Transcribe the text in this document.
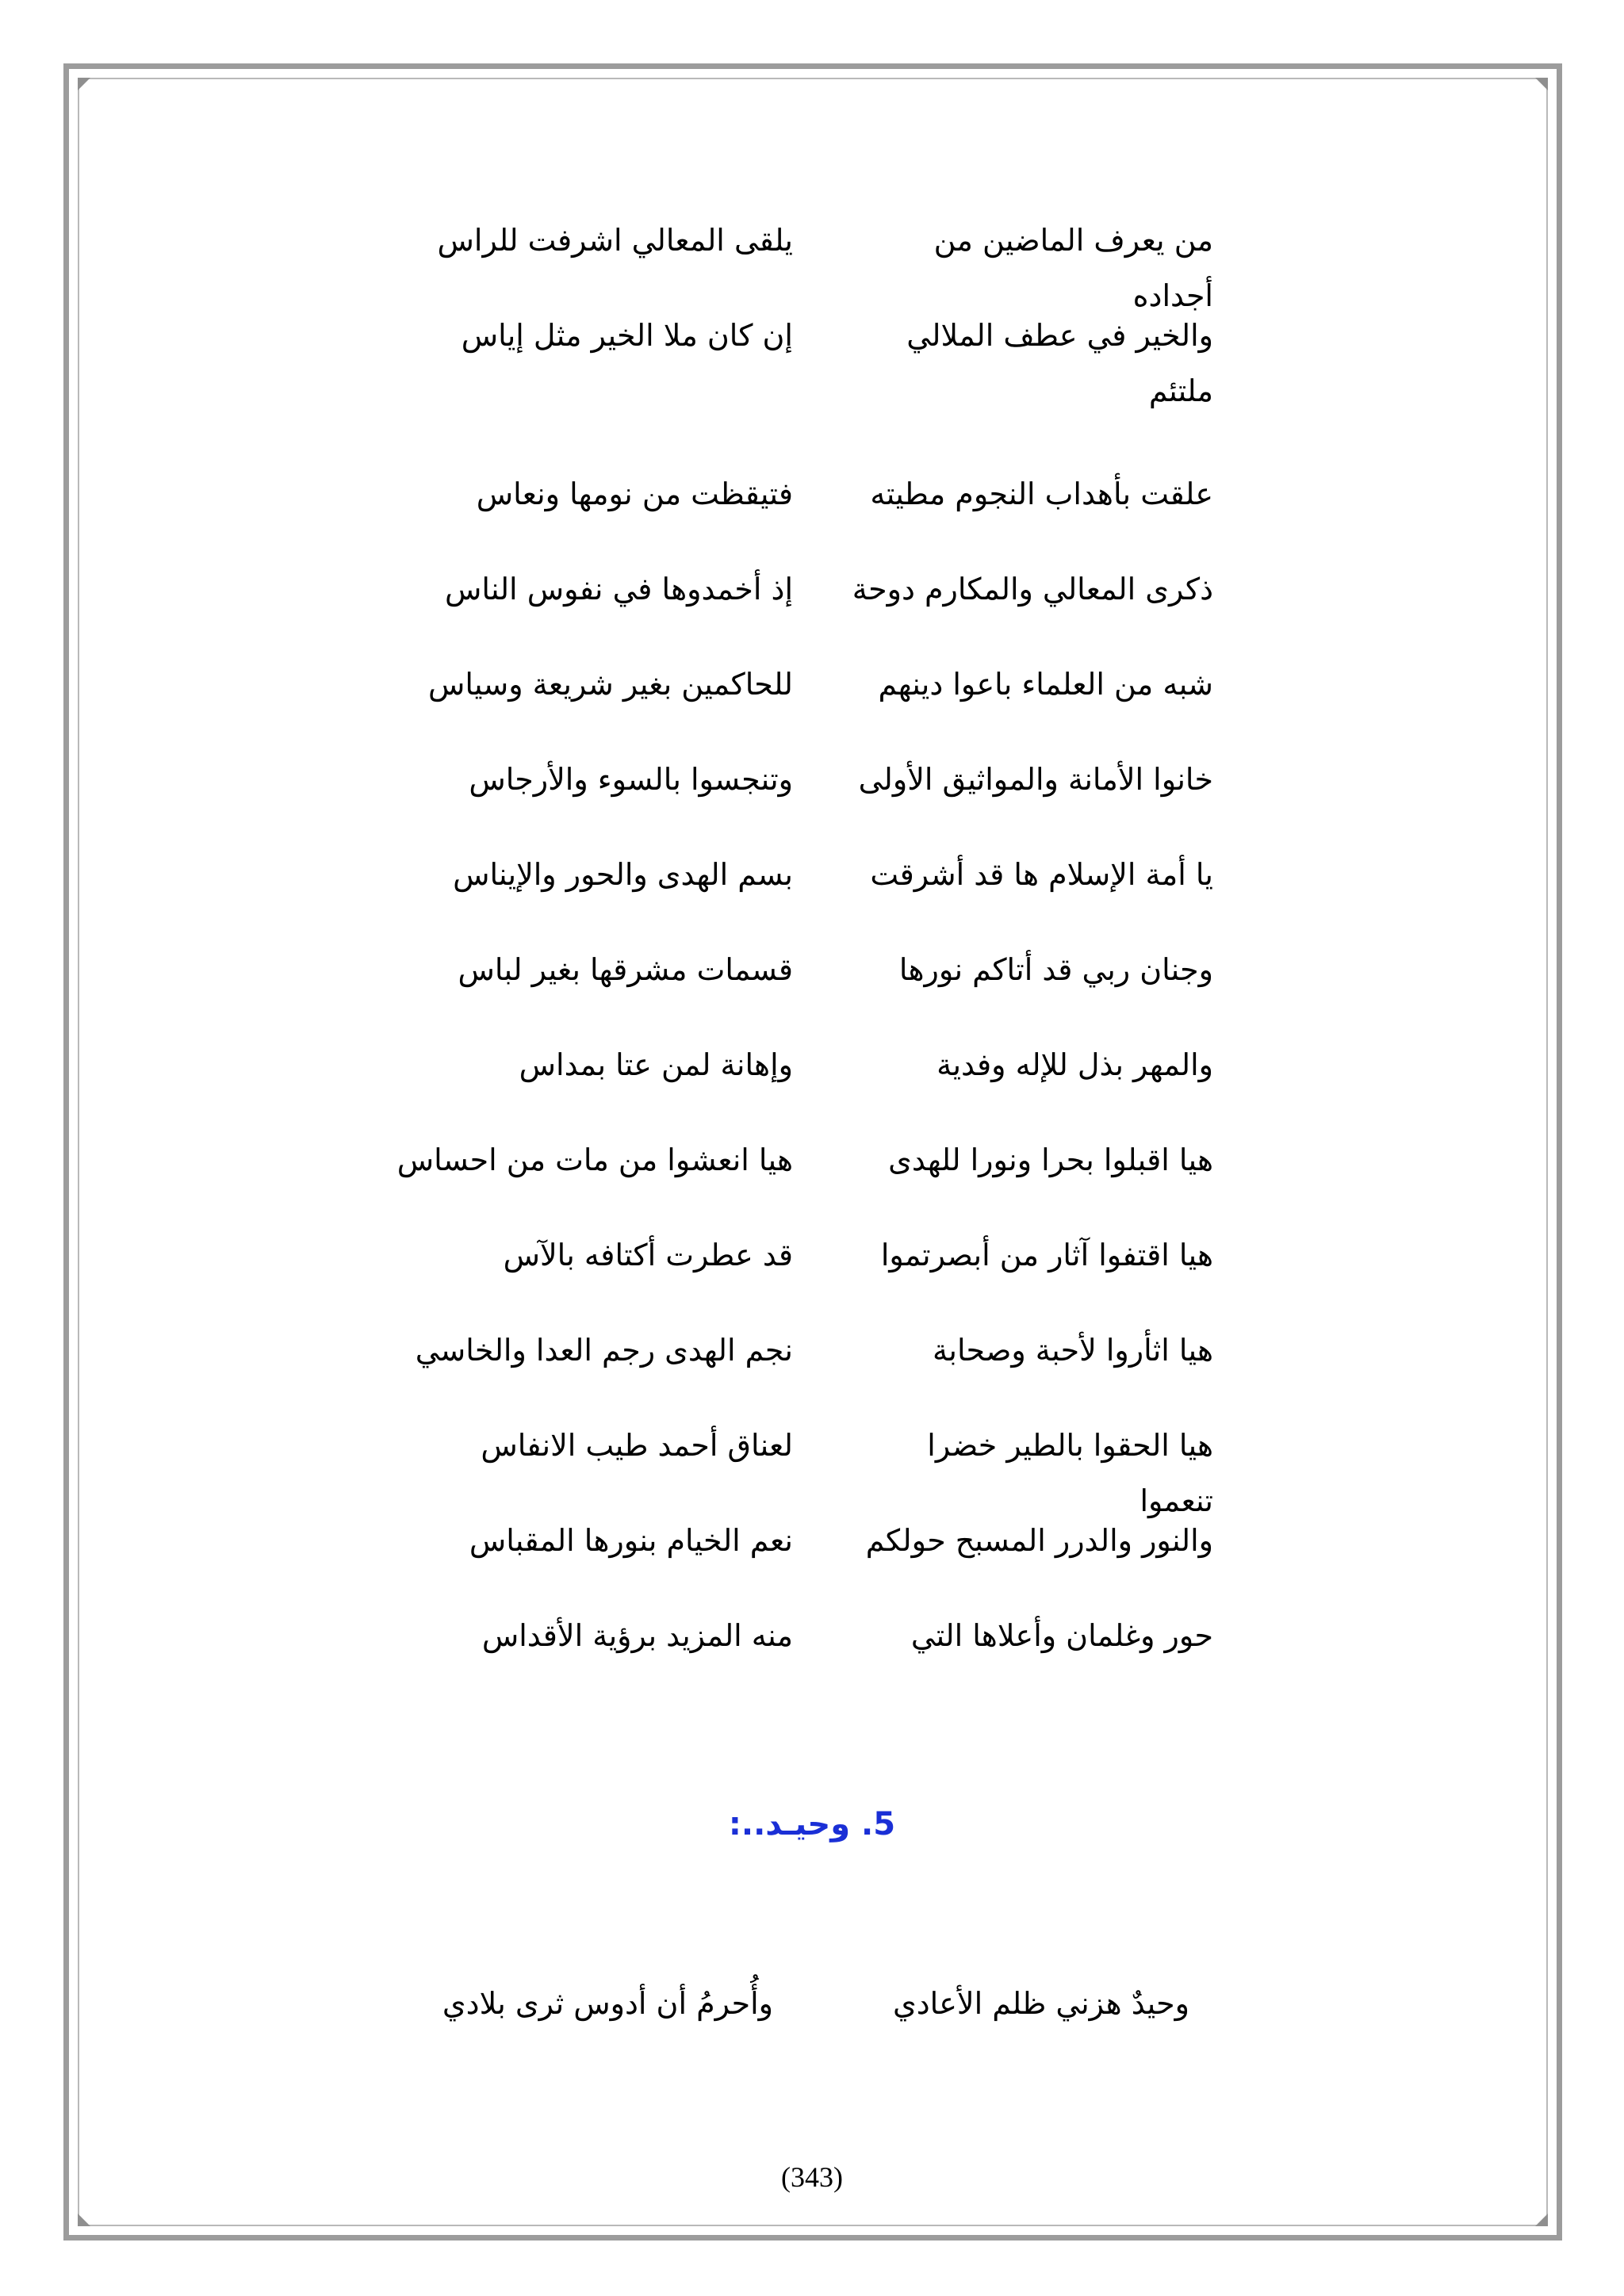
من يعرف الماضين من أجداده
يلقى المعالي اشرفت للراس
والخير في عطف الملالي ملتئم
إن كان ملا الخير مثل إياس
علقت بأهداب النجوم مطيته
فتيقظت من نومها ونعاس
ذكرى المعالي والمكارم دوحة
إذ أخمدوها في نفوس الناس
شبه من العلماء باعوا دينهم
للحاكمين بغير شريعة وسياس
خانوا الأمانة والمواثيق الأولى
وتنجسوا بالسوء والأرجاس
يا أمة الإسلام ها قد أشرقت
بسم الهدى والحور والإيناس
وجنان ربي قد أتاكم نورها
قسمات مشرقها بغير لباس
والمهر بذل للإله وفدية
وإهانة لمن عتا بمداس
هيا اقبلوا بحرا ونورا للهدى
هيا انعشوا من مات من احساس
هيا اقتفوا آثار من أبصرتموا
قد عطرت أكتافه بالآس
هيا اثأروا لأحبة وصحابة
نجم الهدى رجم العدا والخاسي
هيا الحقوا بالطير خضرا تنعموا
لعناق أحمد طيب الانفاس
والنور والدرر المسبح حولكم
نعم الخيام بنورها المقباس
حور وغلمان وأعلاها التي
منه المزيد برؤية الأقداس
5. وحيـد..:
وحيدٌ هزني ظلم الأعادي
وأُحرمُ أن أدوس ثرى بلادي
(343)
